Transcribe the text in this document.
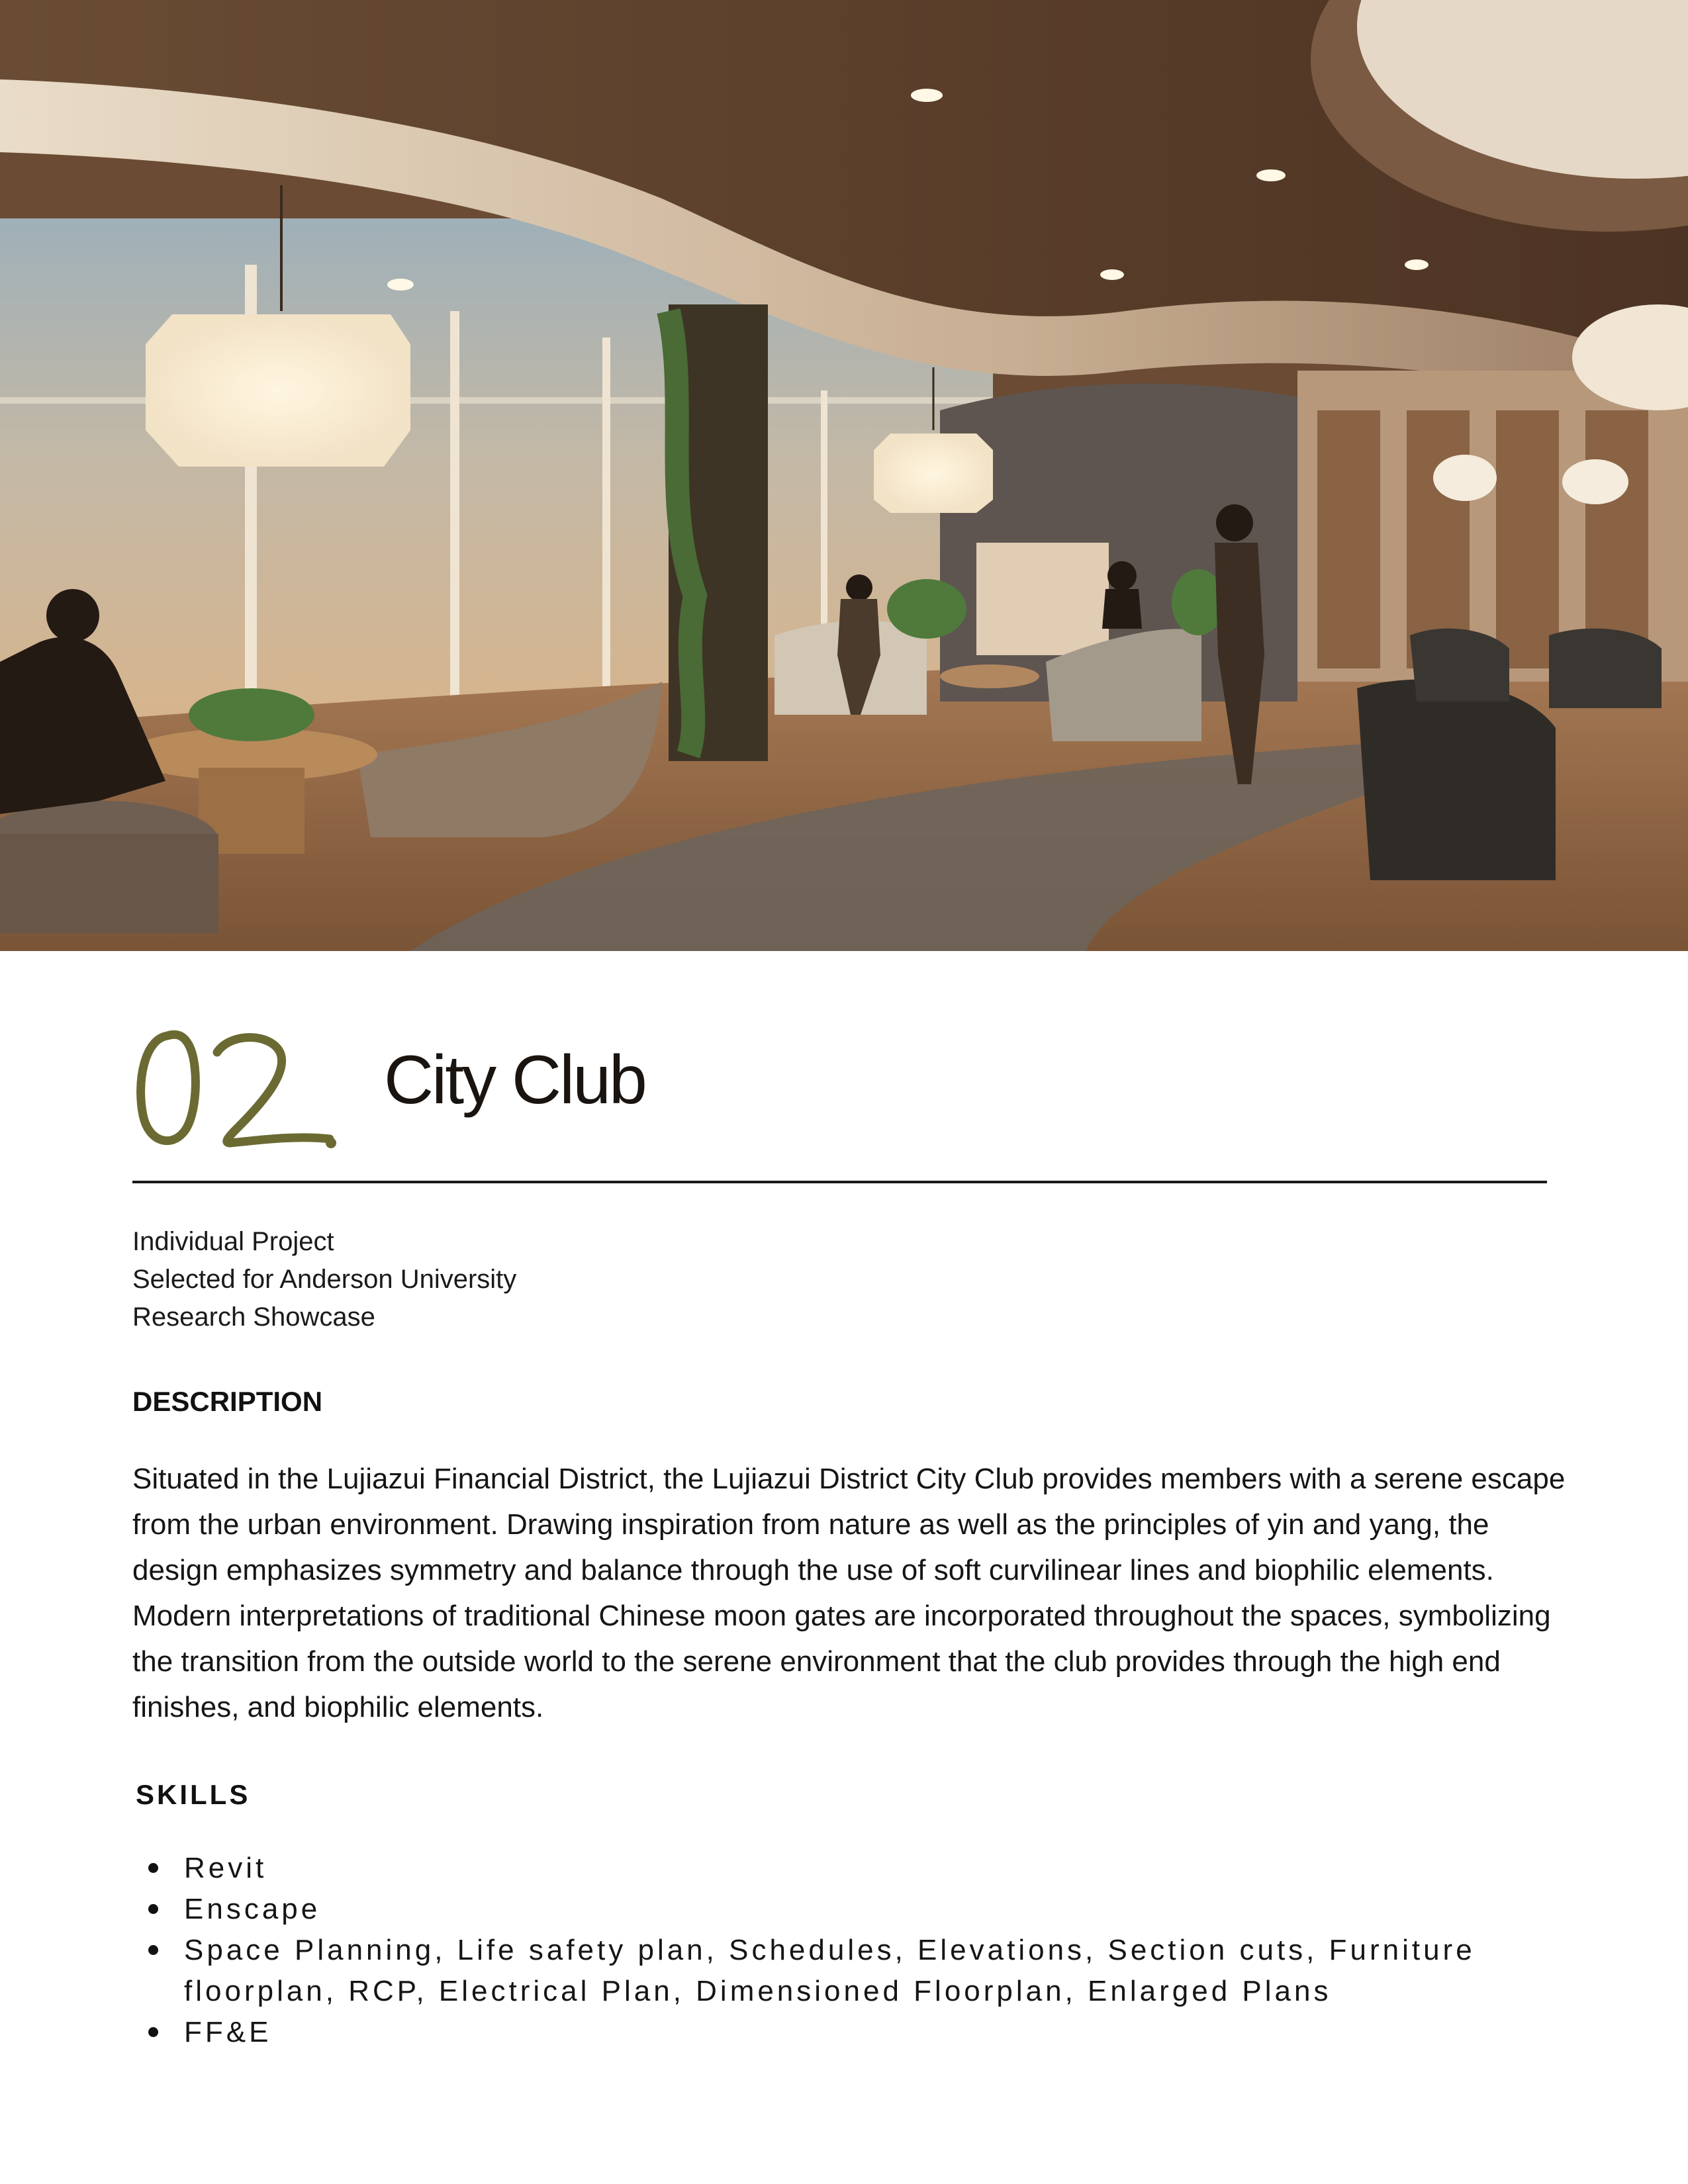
City Club
Individual Project
Selected for Anderson University
Research Showcase
DESCRIPTION

Situated in the Lujiazui Financial District, the Lujiazui District City Club provides members with a serene escape from the urban environment. Drawing inspiration from nature as well as the principles of yin and yang, the design emphasizes symmetry and balance through the use of soft curvilinear lines and biophilic elements. Modern interpretations of traditional Chinese moon gates are incorporated throughout the spaces, symbolizing the transition from the outside world to the serene environment that the club provides through the high end finishes, and biophilic elements.

SKILLS
Revit
Enscape
Space Planning, Life safety plan, Schedules, Elevations, Section cuts, Furniture floorplan, RCP, Electrical Plan, Dimensioned Floorplan, Enlarged Plans
FF&E
